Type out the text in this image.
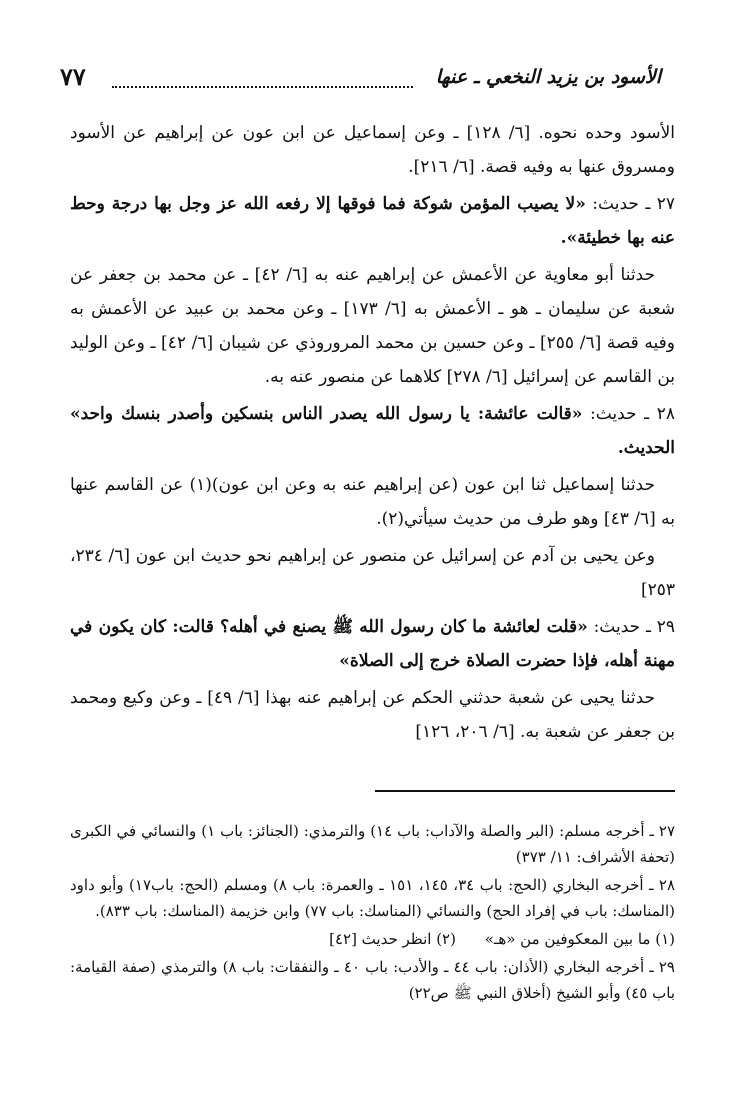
الأسود بن يزيد النخعي ـ عنها
٧٧

الأسود وحده نحوه. [٦/ ١٢٨] ـ وعن إسماعيل عن ابن عون عن إبراهيم عن الأسود ومسروق عنها به وفيه قصة. [٦/ ٢١٦].

٢٧ ـ حديث: «لا يصيب المؤمن شوكة فما فوقها إلا رفعه الله عز وجل بها درجة وحط عنه بها خطيئة».

حدثنا أبو معاوية عن الأعمش عن إبراهيم عنه به [٦/ ٤٢] ـ عن محمد بن جعفر عن شعبة عن سليمان ـ هو ـ الأعمش به [٦/ ١٧٣] ـ وعن محمد بن عبيد عن الأعمش به وفيه قصة [٦/ ٢٥٥] ـ وعن حسين بن محمد المروروذي عن شيبان [٦/ ٤٢] ـ وعن الوليد بن القاسم عن إسرائيل [٦/ ٢٧٨] كلاهما عن منصور عنه به.

٢٨ ـ حديث: «قالت عائشة: يا رسول الله يصدر الناس بنسكين وأصدر بنسك واحد» الحديث.

حدثنا إسماعيل ثنا ابن عون (عن إبراهيم عنه به وعن ابن عون)(١) عن القاسم عنها به [٦/ ٤٣] وهو طرف من حديث سيأتي(٢).

وعن يحيى بن آدم عن إسرائيل عن منصور عن إبراهيم نحو حديث ابن عون [٦/ ٢٣٤، ٢٥٣]

٢٩ ـ حديث: «قلت لعائشة ما كان رسول الله ﷺ يصنع في أهله؟ قالت: كان يكون في مهنة أهله، فإذا حضرت الصلاة خرج إلى الصلاة»

حدثنا يحيى عن شعبة حدثني الحكم عن إبراهيم عنه بهذا [٦/ ٤٩] ـ وعن وكيع ومحمد بن جعفر عن شعبة به. [٦/ ٢٠٦، ١٢٦]

٢٧ ـ أخرجه مسلم: (البر والصلة والآداب: باب ١٤) والترمذي: (الجنائز: باب ١) والنسائي في الكبرى (تحفة الأشراف: ١١/ ٣٧٣)

٢٨ ـ أخرجه البخاري (الحج: باب ٣٤، ١٤٥، ١٥١ ـ والعمرة: باب ٨) ومسلم (الحج: باب١٧) وأبو داود (المناسك: باب في إفراد الحج) والنسائي (المناسك: باب ٧٧) وابن خزيمة (المناسك: باب ٨٣٣).

(١) ما بين المعكوفين من «هـ» (٢) انظر حديث [٤٢]

٢٩ ـ أخرجه البخاري (الأذان: باب ٤٤ ـ والأدب: باب ٤٠ ـ والنفقات: باب ٨) والترمذي (صفة القيامة: باب ٤٥) وأبو الشيخ (أخلاق النبي ﷺ ص٢٢)
